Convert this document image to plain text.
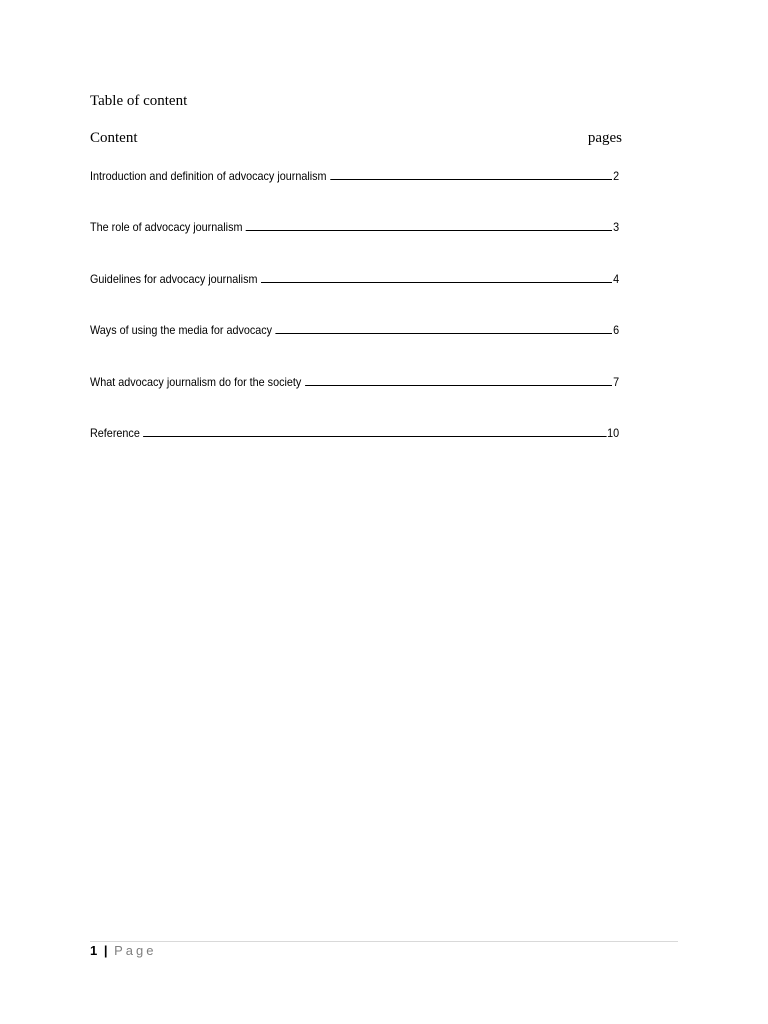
Table of content
Content	pages
Introduction and definition of advocacy journalism	2
The role of advocacy journalism	3
Guidelines for advocacy journalism	4
Ways of using the media for advocacy	6
What advocacy journalism do for the society	7
Reference	10
1 | Page
